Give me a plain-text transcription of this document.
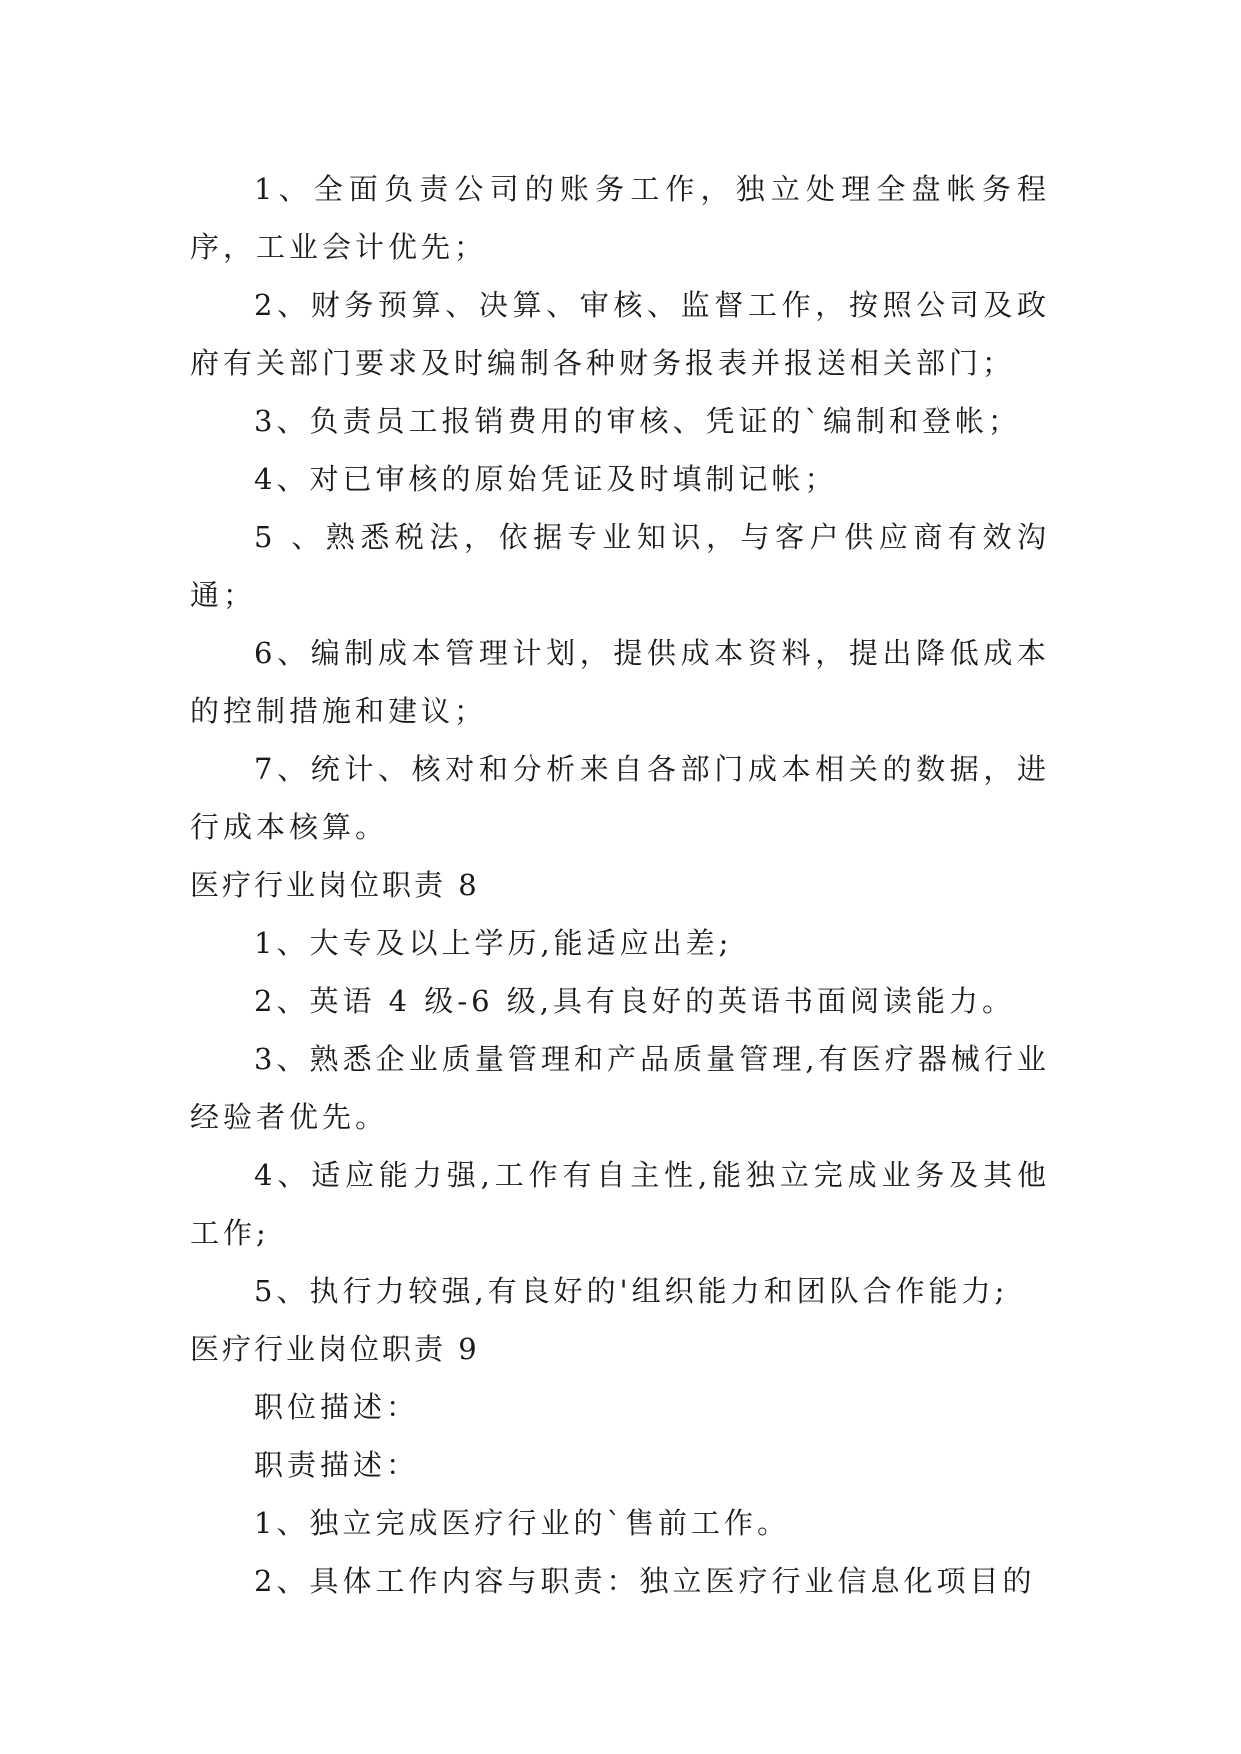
1、全面负责公司的账务工作，独立处理全盘帐务程序，工业会计优先；

2、财务预算、决算、审核、监督工作，按照公司及政府有关部门要求及时编制各种财务报表并报送相关部门；

3、负责员工报销费用的审核、凭证的`编制和登帐；

4、对已审核的原始凭证及时填制记帐；

5 、熟悉税法，依据专业知识，与客户供应商有效沟通；

6、编制成本管理计划，提供成本资料，提出降低成本的控制措施和建议；

7、统计、核对和分析来自各部门成本相关的数据，进行成本核算。

医疗行业岗位职责 8

1、大专及以上学历,能适应出差;

2、英语 4 级-6 级,具有良好的英语书面阅读能力。

3、熟悉企业质量管理和产品质量管理,有医疗器械行业经验者优先。

4、适应能力强,工作有自主性,能独立完成业务及其他工作;

5、执行力较强,有良好的'组织能力和团队合作能力;

医疗行业岗位职责 9

职位描述：

职责描述：

1、独立完成医疗行业的`售前工作。

2、具体工作内容与职责：独立医疗行业信息化项目的
